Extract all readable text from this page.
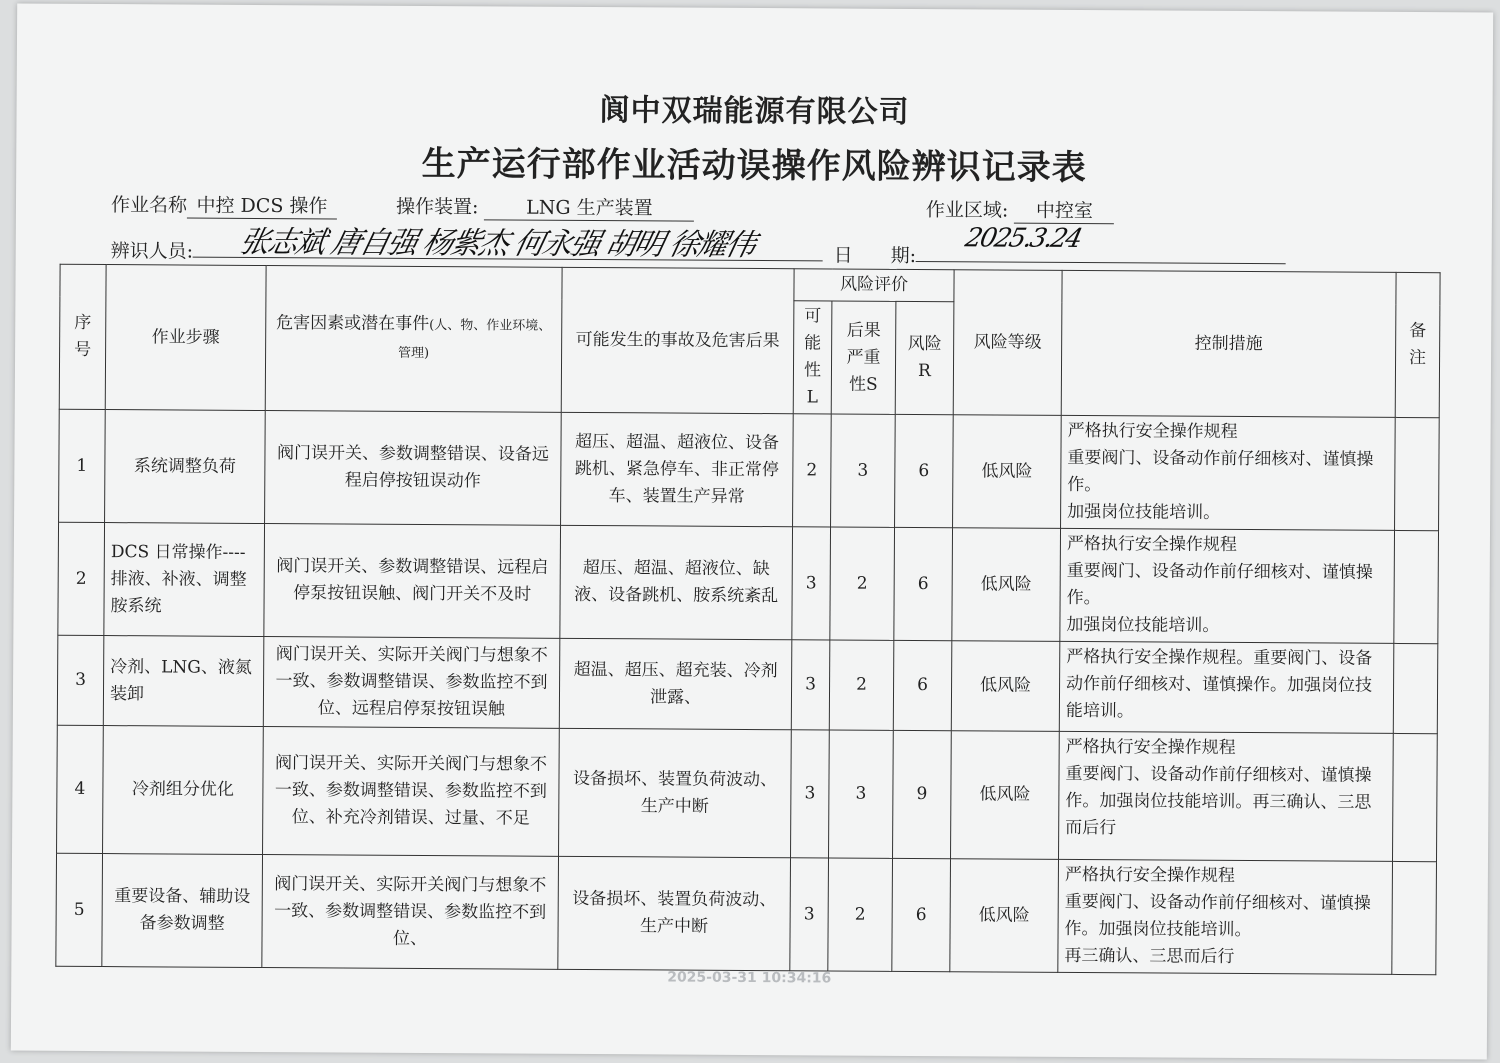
阆中双瑞能源有限公司
生产运行部作业活动误操作风险辨识记录表
作业名称 中控 DCS 操作	操作装置:	LNG 生产装置	作业区域: 中控室
辨识人员:	张志斌 唐自强 杨紫杰 何永强 胡明 徐耀伟	日　　期:
2025.3.24
序号	作业步骤	危害因素或潜在事件(人、物、作业环境、管理)	可能发生的事故及危害后果	风险评价			风险等级	控制措施	备注
				可能性L	后果严重性S	风险R			
1	系统调整负荷	阀门误开关、参数调整错误、设备远程启停按钮误动作	超压、超温、超液位、设备跳机、紧急停车、非正常停车、装置生产异常	2	3	6	低风险	严格执行安全操作规程
重要阀门、设备动作前仔细核对、谨慎操作。
加强岗位技能培训。	

2	DCS 日常操作----排液、补液、调整胺系统	阀门误开关、参数调整错误、远程启停泵按钮误触、阀门开关不及时	超压、超温、超液位、缺液、设备跳机、胺系统紊乱	3	2	6	低风险	严格执行安全操作规程
重要阀门、设备动作前仔细核对、谨慎操作。
加强岗位技能培训。	

3	冷剂、LNG、液氮装卸	阀门误开关、实际开关阀门与想象不一致、参数调整错误、参数监控不到位、远程启停泵按钮误触	超温、超压、超充装、冷剂泄露、	3	2	6	低风险	严格执行安全操作规程。重要阀门、设备动作前仔细核对、谨慎操作。加强岗位技能培训。	

4	冷剂组分优化	阀门误开关、实际开关阀门与想象不一致、参数调整错误、参数监控不到位、补充冷剂错误、过量、不足	设备损坏、装置负荷波动、生产中断	3	3	9	低风险	严格执行安全操作规程
重要阀门、设备动作前仔细核对、谨慎操作。加强岗位技能培训。再三确认、三思而后行	

5	重要设备、辅助设备参数调整	阀门误开关、实际开关阀门与想象不一致、参数调整错误、参数监控不到位、	设备损坏、装置负荷波动、生产中断	3	2	6	低风险	严格执行安全操作规程
重要阀门、设备动作前仔细核对、谨慎操作。加强岗位技能培训。
再三确认、三思而后行	

2025-03-31 10:34:16
